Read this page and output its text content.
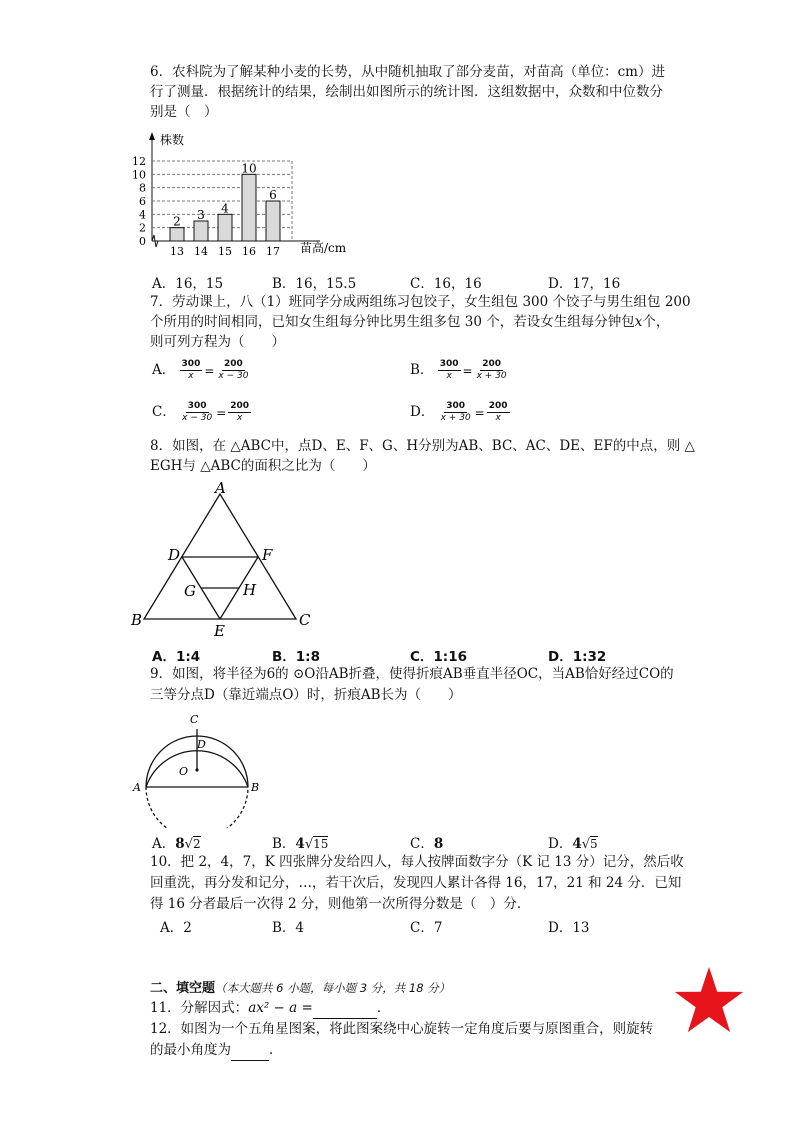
6．农科院为了解某种小麦的长势，从中随机抽取了部分麦苗，对苗高（单位：cm）进
行了测量．根据统计的结果，绘制出如图所示的统计图．这组数据中，众数和中位数分
别是（　）
株数
苗高/cm
0
2
4
6
8
10
12
2
13
3
14
4
15
10
16
6
17
A．16，15	B．16，15.5	C．16，16	D．17，16
7．劳动课上，八（1）班同学分成两组练习包饺子，女生组包 300 个饺子与男生组包 200
个所用的时间相同，已知女生组每分钟比男生组多包 30 个，若设女生组每分钟包x个，
则可列方程为（　　）
A． $\frac{300}{x} = \frac{200}{x - 30}$	B． $\frac{300}{x} = \frac{200}{x + 30}$
C． $\frac{300}{x - 30} = \frac{200}{x}$	D． $\frac{300}{x + 30} = \frac{200}{x}$
8．如图，在 △ABC中，点D、E、F、G、H分别为AB、BC、AC、DE、EF的中点，则 △
EGH与 △ABC的面积之比为（　　）
A
B	C
D	F
G	H
E
A．1:4	B．1:8	C．1:16	D．1:32
9．如图，将半径为6的 ⊙O沿AB折叠，使得折痕AB垂直半径OC，当AB恰好经过CO的
三等分点D（靠近端点O）时，折痕AB长为（　　）
C
D
O
A	B
A．8√2	B．4√15	C．8	D．4√5
10．把 2，4，7，K 四张牌分发给四人，每人按牌面数字分（K 记 13 分）记分，然后收
回重洗，再分发和记分，…，若干次后，发现四人累计各得 16，17，21 和 24 分．已知
得 16 分者最后一次得 2 分，则他第一次所得分数是（　）分．
A．2	B．4	C．7	D．13
二、填空题（本大题共 6 小题，每小题 3 分，共 18 分）
11．分解因式：ax² − a =	．
12．如图为一个五角星图案，将此图案绕中心旋转一定角度后要与原图重合，则旋转
的最小角度为	．
